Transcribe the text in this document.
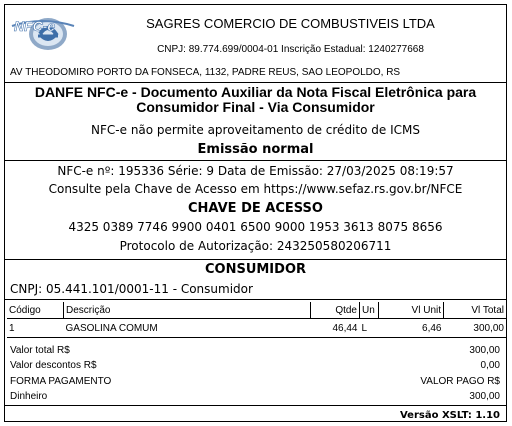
NFC-e	SAGRES COMERCIO DE COMBUSTIVEIS LTDA
CNPJ: 89.774.699/0004-01 Inscrição Estadual: 1240277668
AV THEODOMIRO PORTO DA FONSECA, 1132, PADRE REUS, SAO LEOPOLDO, RS
DANFE NFC-e - Documento Auxiliar da Nota Fiscal Eletrônica para
Consumidor Final - Via Consumidor
NFC-e não permite aproveitamento de crédito de ICMS
Emissão normal
NFC-e nº: 195336 Série: 9 Data de Emissão: 27/03/2025 08:19:57
Consulte pela Chave de Acesso em https://www.sefaz.rs.gov.br/NFCE
CHAVE DE ACESSO
4325 0389 7746 9900 0401 6500 9000 1953 3613 8075 8656
Protocolo de Autorização: 243250580206711
CONSUMIDOR
CNPJ: 05.441.101/0001-11 - Consumidor
Código	Descrição	Qtde	Un	Vl Unit	Vl Total
1	GASOLINA COMUM	46,44	L	6,46	300,00
Valor total R$	300,00
Valor descontos R$	0,00
FORMA PAGAMENTO	VALOR PAGO R$
Dinheiro	300,00
Versão XSLT: 1.10
